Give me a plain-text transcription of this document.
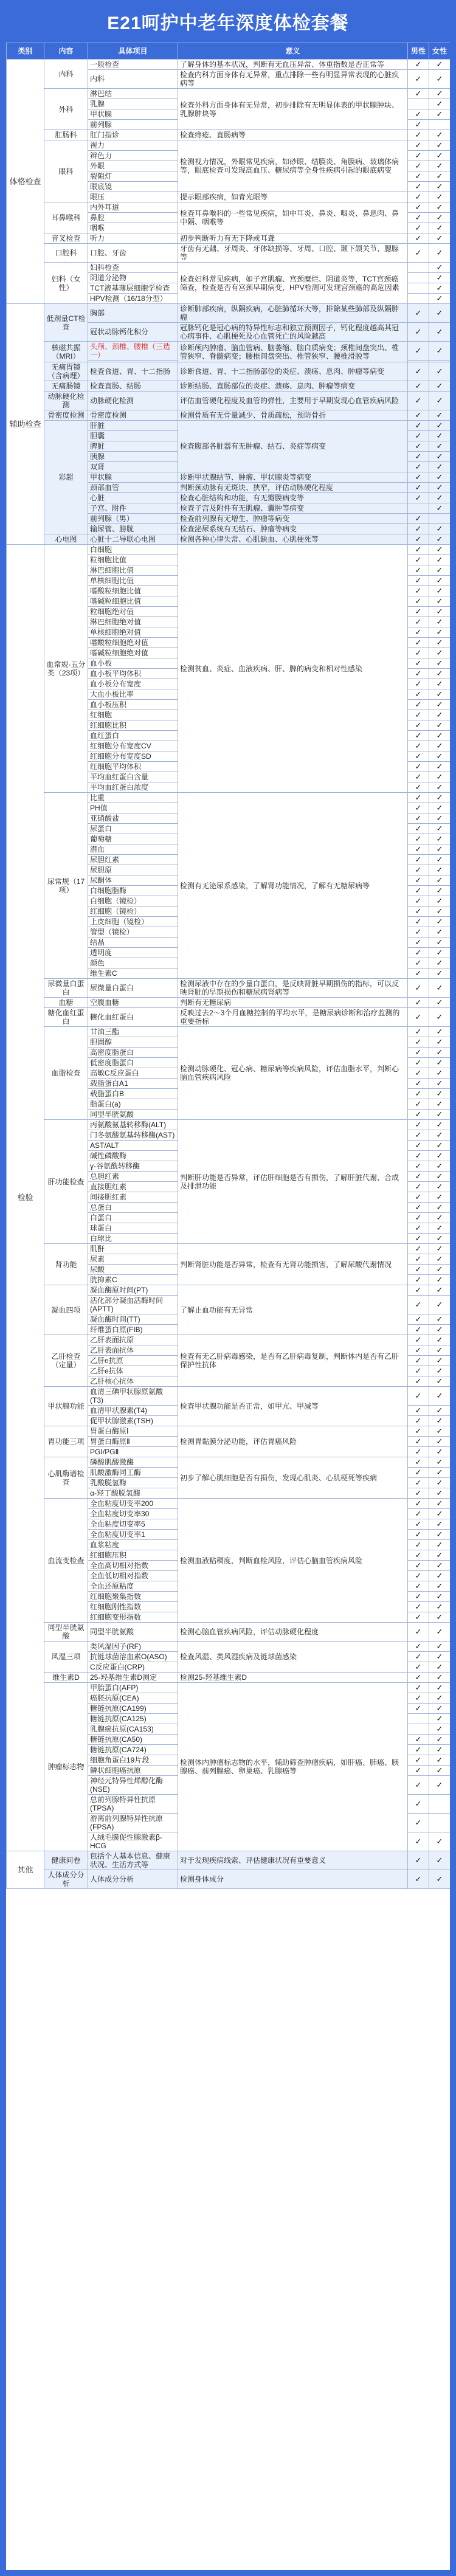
E21呵护中老年深度体检套餐
类别	内容	具体项目	意义	男性	女性
体格检查	内科	一般检查	了解身体的基本状况，判断有无血压异常、体重指数是否正常等	✓	✓
		内科	检查内科方面身体有无异常，重点排除一些有明显异常表现的心脏疾病等	✓	✓
	外科	淋巴结	检查外科方面身体有无异常，初步排除有无明显体表的甲状腺肿块、乳腺肿块等	✓	✓
		乳腺			✓
		甲状腺		✓	✓
		前列腺		✓	
	肛肠科	肛门指诊	检查痔疮、直肠病等	✓	✓
	眼科	视力	检测视力情况，外眼常见疾病，如砂眼、结膜炎、角膜病、玻璃体病等，眼底检查可发现高血压、糖尿病等全身性疾病引起的眼底病变	✓	✓
		辨色力		✓	✓
		外眼		✓	✓
		裂隙灯		✓	✓
		眼底镜		✓	✓
		眼压	提示眼部疾病，如青光眼等	✓	✓
	耳鼻喉科	内外耳道	检查耳鼻喉科的一些常见疾病，如中耳炎、鼻炎、咽炎、鼻息肉、鼻中隔、咽喉等	✓	✓
		鼻腔		✓	✓
		咽喉		✓	✓
	音叉检查	听力	初步判断听力有无下降或耳聋	✓	✓
	口腔科	口腔、牙齿	牙齿有无龋、牙周炎、牙体缺损等、牙周、口腔、颞下颌关节、腮腺等	✓	✓
	妇科（女性）	妇科检查	检查妇科常见疾病，如子宫肌瘤、宫颈糜烂、阴道炎等，TCT宫颈癌筛查，检查是否有宫颈早期病变，HPV检测可发现宫颈癌的高危因素		✓
		阴道分泌物			✓
		TCT液基薄层细胞学检查			✓
		HPV检测（16/18分型）			✓
辅助检查	低剂量CT检查	胸部	诊断肺部疾病，纵隔疾病，心脏肺循环大等，排除某些肺部及纵隔肿瘤	✓	✓
		冠状动脉钙化积分	冠脉钙化是冠心病的特异性标志和独立预测因子，钙化程度越高其冠心病事件、心肌梗死及心血管死亡的风险越高	✓	✓
	核磁共振（MRI）	头颅、颈椎、腰椎（三选一）	诊断颅内肿瘤、脑血管病、脑萎缩、脑白质病变；颈椎间盘突出、椎管狭窄、脊髓病变；腰椎间盘突出、椎管狭窄、腰椎滑脱等	✓	✓

	无痛胃镜（含病理）	检查食道、胃、十二指肠	诊断食道、胃、十二指肠部位的炎症、溃疡、息肉、肿瘤等病变	✓	✓
	无痛肠镜	检查直肠、结肠	诊断结肠、直肠部位的炎症、溃疡、息肉、肿瘤等病变	✓	✓
	动脉硬化检测	动脉硬化检测	评估血管硬化程度及血管的弹性，主要用于早期发现心血管疾病风险	✓	✓
	骨密度检测	骨密度检测	检测骨质有无骨量减少、骨质疏松，预防骨折	✓	✓
	彩超	肝脏	检查腹部各脏器有无肿瘤、结石、炎症等病变	✓	✓
		胆囊		✓	✓
		脾脏		✓	✓
		胰腺		✓	✓
		双肾		✓	✓
		甲状腺	诊断甲状腺结节、肿瘤、甲状腺炎等病变	✓	✓
		颈部血管	判断颈动脉有无斑块、狭窄，评估动脉硬化程度	✓	✓
		心脏	检查心脏结构和功能，有无瓣膜病变等	✓	✓
		子宫、附件	检查子宫及附件有无肌瘤、囊肿等病变		✓
		前列腺（男）	检查前列腺有无增生、肿瘤等病变	✓	
		输尿管、膀胱	检查泌尿系统有无结石、肿瘤等病变	✓	✓
	心电图	心脏十二导联心电图	检测各种心律失常、心肌缺血、心肌梗死等	✓	✓
检验	血常规·五分类（23项）	白细胞	检测贫血、炎症、血液疾病、肝、脾的病变和相对性感染	✓	✓
		粒细胞比值		✓	✓
		淋巴细胞比值		✓	✓
		单核细胞比值		✓	✓
		嗜酸粒细胞比值		✓	✓
		嗜碱粒细胞比值		✓	✓
		粒细胞绝对值		✓	✓
		淋巴细胞绝对值		✓	✓
		单核细胞绝对值		✓	✓
		嗜酸粒细胞绝对值		✓	✓
		嗜碱粒细胞绝对值		✓	✓
		血小板		✓	✓
		血小板平均体积		✓	✓
		血小板分布宽度		✓	✓
		大血小板比率		✓	✓
		血小板压积		✓	✓
		红细胞		✓	✓
		红细胞比积		✓	✓
		血红蛋白		✓	✓
		红细胞分布宽度CV		✓	✓
		红细胞分布宽度SD		✓	✓
		红细胞平均体积		✓	✓
		平均血红蛋白含量		✓	✓
		平均血红蛋白浓度		✓	✓
	尿常规（17项）	比重	检测有无泌尿系感染，了解肾功能情况，了解有无糖尿病等	✓	✓
		PH值		✓	✓
		亚硝酸盐		✓	✓
		尿蛋白		✓	✓
		葡萄糖		✓	✓
		潜血		✓	✓
		尿胆红素		✓	✓
		尿胆原		✓	✓
		尿酮体		✓	✓
		白细胞脂酶		✓	✓
		白细胞（镜检）		✓	✓
		红细胞（镜检）		✓	✓
		上皮细胞（镜检）		✓	✓
		管型（镜检）		✓	✓
		结晶		✓	✓
		透明度		✓	✓
		颜色		✓	✓
		维生素C		✓	✓
	尿微量白蛋白	尿微量白蛋白	检测尿液中存在的少量白蛋白，是反映肾脏早期损伤的指标，可以反映肾脏的早期损伤和糖尿病肾病等	✓	✓
	血糖	空腹血糖	判断有无糖尿病	✓	✓
	糖化血红蛋白	糖化血红蛋白	反映过去2～3个月血糖控制的平均水平，是糖尿病诊断和治疗监测的重要指标	✓	✓
	血脂检查	甘油三酯	检测动脉硬化、冠心病、糖尿病等疾病风险，评估血脂水平，判断心脑血管疾病风险	✓	✓
		胆固醇		✓	✓
		高密度脂蛋白		✓	✓
		低密度脂蛋白		✓	✓
		高敏C反应蛋白		✓	✓
		载脂蛋白A1		✓	✓
		载脂蛋白B		✓	✓
		脂蛋白(a)		✓	✓
		同型半胱氨酸		✓	✓
	肝功能检查	丙氨酸氨基转移酶(ALT)	判断肝功能是否异常，评估肝细胞是否有损伤，了解肝脏代谢、合成及排泄功能	✓	✓
		门冬氨酸氨基转移酶(AST)		✓	✓
		AST/ALT		✓	✓
		碱性磷酸酶		✓	✓
		γ-谷氨酰转移酶		✓	✓
		总胆红素		✓	✓
		直接胆红素		✓	✓
		间接胆红素		✓	✓
		总蛋白		✓	✓
		白蛋白		✓	✓
		球蛋白		✓	✓
		白球比		✓	✓
	肾功能	肌酐	判断肾脏功能是否异常，检查有无肾功能损害，了解尿酸代谢情况	✓	✓
		尿素		✓	✓
		尿酸		✓	✓
		胱抑素C		✓	✓
	凝血四项	凝血酶原时间(PT)	了解止血功能有无异常	✓	✓
		活化部分凝血活酶时间(APTT)		✓	✓
		凝血酶时间(TT)		✓	✓
		纤维蛋白原(FIB)		✓	✓
	乙肝检查（定量）	乙肝表面抗原	检查有无乙肝病毒感染，是否有乙肝病毒复制，判断体内是否有乙肝保护性抗体	✓	✓
		乙肝表面抗体		✓	✓
		乙肝e抗原		✓	✓
		乙肝e抗体		✓	✓
		乙肝核心抗体		✓	✓
	甲状腺功能	血清三碘甲状腺原氨酸(T3)	检查甲状腺功能是否正常，如甲亢、甲减等	✓	✓
		血清甲状腺素(T4)		✓	✓
		促甲状腺激素(TSH)		✓	✓
	胃功能三项	胃蛋白酶原Ⅰ	检测胃黏膜分泌功能，评估胃癌风险	✓	✓
		胃蛋白酶原Ⅱ		✓	✓
		PGⅠ/PGⅡ		✓	✓
	心肌酶谱检查	磷酸肌酸激酶	初步了解心肌细胞是否有损伤，发现心肌炎、心肌梗死等疾病	✓	✓
		肌酸激酶同工酶		✓	✓
		乳酸脱氢酶		✓	✓
		α-羟丁酸脱氢酶		✓	✓
	血流变检查	全血粘度切变率200	检测血液粘稠度，判断血栓风险，评估心脑血管疾病风险	✓	✓
		全血粘度切变率30		✓	✓
		全血粘度切变率5		✓	✓
		全血粘度切变率1		✓	✓
		血浆粘度		✓	✓
		红细胞压积		✓	✓
		全血高切相对指数		✓	✓
		全血低切相对指数		✓	✓
		全血还原粘度		✓	✓
		红细胞聚集指数		✓	✓
		红细胞刚性指数		✓	✓
		红细胞变形指数		✓	✓
	同型半胱氨酸	同型半胱氨酸	检测心脑血管疾病风险，评估动脉硬化程度	✓	✓
	风湿三项	类风湿因子(RF)	检查风湿、类风湿疾病及链球菌感染	✓	✓
		抗链球菌溶血素O(ASO)		✓	✓
		C反应蛋白(CRP)		✓	✓
	维生素D	25-羟基维生素D测定	检测25-羟基维生素D	✓	✓
	肿瘤标志物	甲胎蛋白(AFP)	检测体内肿瘤标志物的水平，辅助筛查肿瘤疾病，如肝癌、肺癌、胰腺癌、前列腺癌、卵巢癌、乳腺癌等	✓	✓
		癌胚抗原(CEA)		✓	✓
		糖链抗原(CA199)		✓	✓
		糖链抗原(CA125)			✓
		乳腺癌抗原(CA153)			✓
		糖链抗原(CA50)		✓	✓
		糖链抗原(CA724)		✓	✓
		细胞角蛋白19片段		✓	✓
		鳞状细胞癌抗原		✓	✓
		神经元特异性烯醇化酶(NSE)		✓	✓
		总前列腺特异性抗原(TPSA)		✓	
		游离前列腺特异性抗原(FPSA)		✓	
		人绒毛膜促性腺激素β-HCG		✓	✓
其他	健康问卷	包括个人基本信息、健康状况、生活方式等	对于发现疾病线索、评估健康状况有重要意义	✓	✓
	人体成分分析	人体成分分析	检测身体成分	✓	✓
